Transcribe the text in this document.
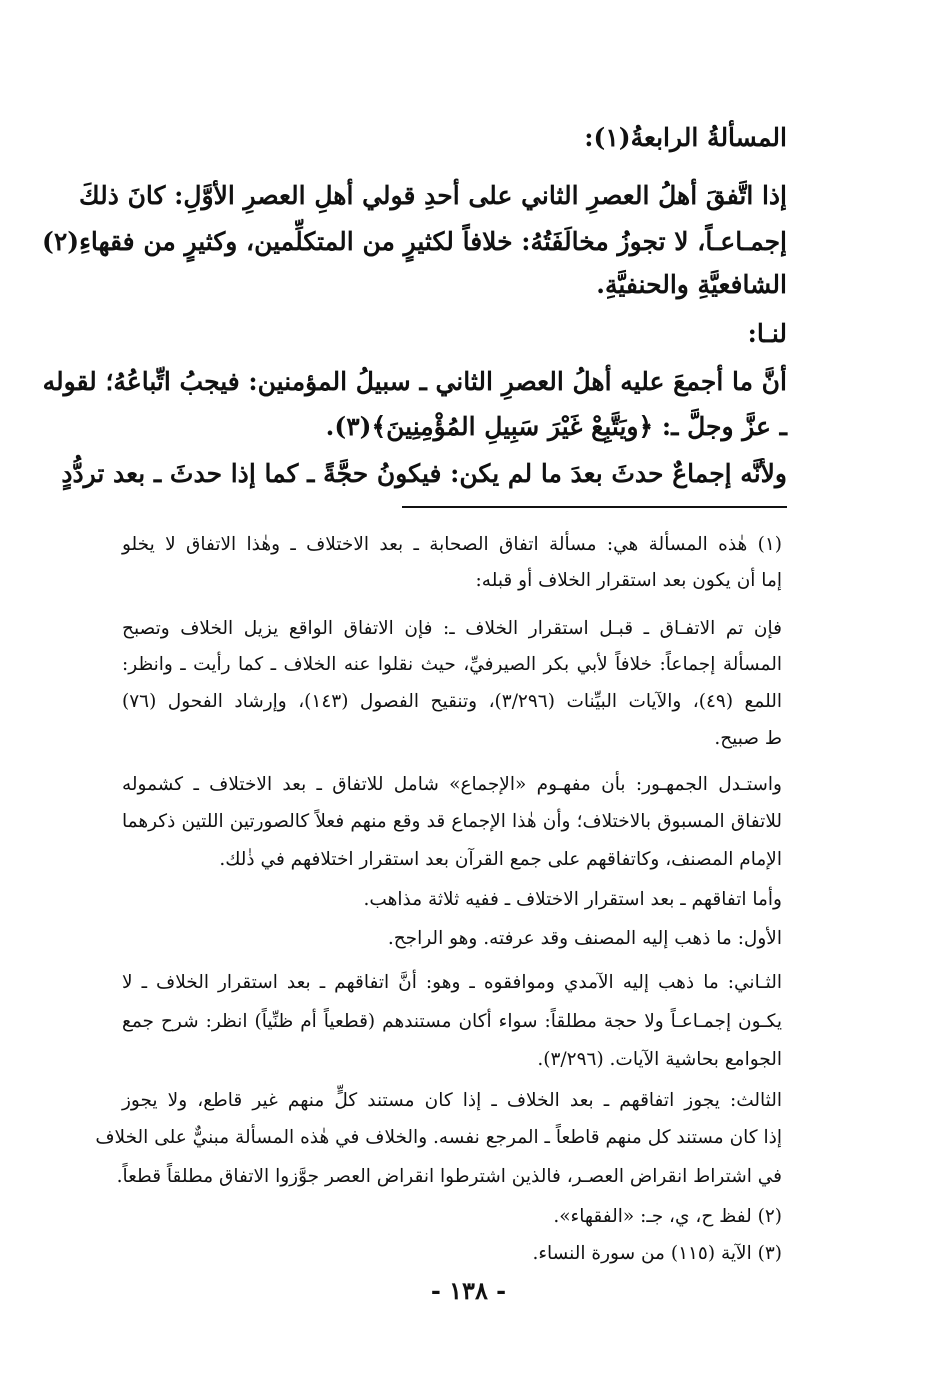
المسألةُ الرابعةُ(١):
إذا اتَّفقَ أهلُ العصرِ الثاني على أحدِ قولي أهلِ العصرِ الأوَّلِ: كانَ ذلكَ
إجمـاعـاً، لا تجوزُ مخالَفَتُهُ: خلافاً لكثيرٍ من المتكلِّمين، وكثيرٍ من فقهاءِ(٢)
الشافعيَّةِ والحنفيَّةِ.
لنـا:
أنَّ ما أجمعَ عليه أهلُ العصرِ الثاني ـ سبيلُ المؤمنين: فيجبُ اتِّباعُهُ؛ لقوله
ـ عزَّ وجلَّ ـ: ﴿ويَتَّبِعْ غَيْرَ سَبِيلِ المُؤْمِنِينَ﴾(٣).
ولأنَّه إجماعٌ حدثَ بعدَ ما لم يكن: فيكونُ حجَّةً ـ كما إذا حدثَ ـ بعد تردُّدٍ
(١) هٰذه المسألة هي: مسألة اتفاق الصحابة ـ بعد الاختلاف ـ وهٰذا الاتفاق لا يخلو
إما أن يكون بعد استقرار الخلاف أو قبله:
فإن تم الاتفـاق ـ قبـل استقرار الخلاف ـ: فإن الاتفاق الواقع يزيل الخلاف وتصبح
المسألة إجماعاً: خلافاً لأبي بكر الصيرفيِّ، حيث نقلوا عنه الخلاف ـ كما رأيت ـ وانظر:
اللمع (٤٩)، والآيات البيِّنات (٣/٢٩٦)، وتنقيح الفصول (١٤٣)، وإرشاد الفحول (٧٦)
ط صبيح.
واستـدل الجمهـور: بأن مفهـوم «الإجماع» شامل للاتفاق ـ بعد الاختلاف ـ كشموله
للاتفاق المسبوق بالاختلاف؛ وأن هٰذا الإجماع قد وقع منهم فعلاً كالصورتين اللتين ذكرهما
الإمام المصنف، وكاتفاقهم على جمع القرآن بعد استقرار اختلافهم في ذٰلك.
وأما اتفاقهم ـ بعد استقرار الاختلاف ـ ففيه ثلاثة مذاهب.
الأول: ما ذهب إليه المصنف وقد عرفته. وهو الراجح.
الثـاني: ما ذهب إليه الآمدي وموافقوه ـ وهو: أنَّ اتفاقهم ـ بعد استقرار الخلاف ـ لا
يكـون إجمـاعـاً ولا حجة مطلقاً: سواء أكان مستندهم (قطعياً أم ظنِّياً) انظر: شرح جمع
الجوامع بحاشية الآيات. (٣/٢٩٦).
الثالث: يجوز اتفاقهم ـ بعد الخلاف ـ إذا كان مستند كلٍّ منهم غير قاطع، ولا يجوز
إذا كان مستند كل منهم قاطعاً ـ المرجع نفسه. والخلاف في هٰذه المسألة مبنيٌّ على الخلاف
في اشتراط انقراض العصـر، فالذين اشترطوا انقراض العصر جوَّزوا الاتفاق مطلقاً قطعاً.
(٢) لفظ ح، ي، جـ: «الفقهاء».
(٣) الآية (١١٥) من سورة النساء.
- ١٣٨ -
